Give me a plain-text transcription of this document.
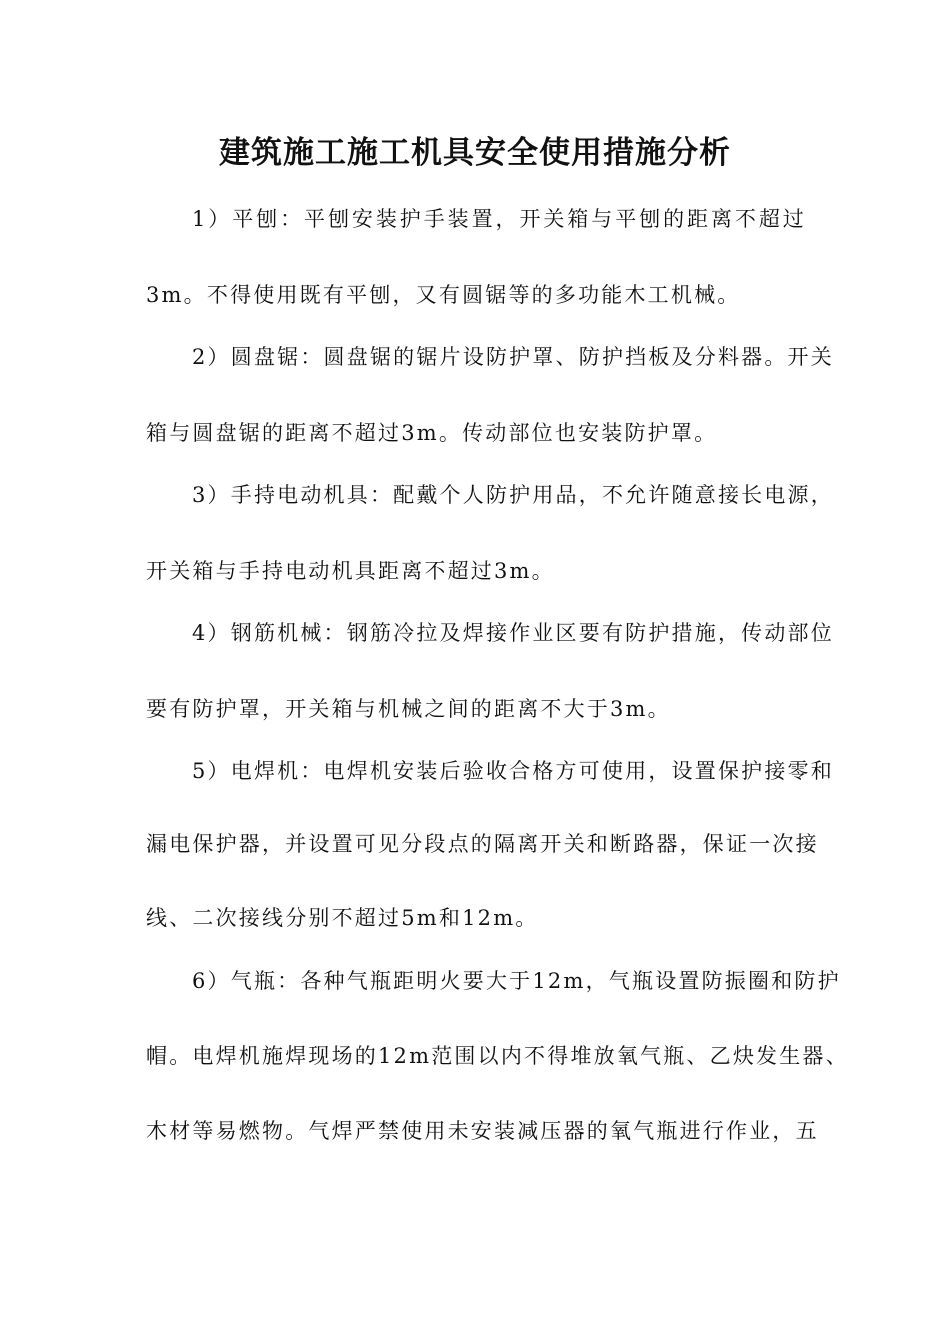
建筑施工施工机具安全使用措施分析

1）平刨：平刨安装护手装置，开关箱与平刨的距离不超过

3m。不得使用既有平刨，又有圆锯等的多功能木工机械。

2）圆盘锯：圆盘锯的锯片设防护罩、防护挡板及分料器。开关

箱与圆盘锯的距离不超过3m。传动部位也安装防护罩。

3）手持电动机具：配戴个人防护用品，不允许随意接长电源，

开关箱与手持电动机具距离不超过3m。

4）钢筋机械：钢筋冷拉及焊接作业区要有防护措施，传动部位

要有防护罩，开关箱与机械之间的距离不大于3m。

5）电焊机：电焊机安装后验收合格方可使用，设置保护接零和

漏电保护器，并设置可见分段点的隔离开关和断路器，保证一次接

线、二次接线分别不超过5m和12m。

6）气瓶：各种气瓶距明火要大于12m，气瓶设置防振圈和防护

帽。电焊机施焊现场的12m范围以内不得堆放氧气瓶、乙炔发生器、

木材等易燃物。气焊严禁使用未安装减压器的氧气瓶进行作业，五
